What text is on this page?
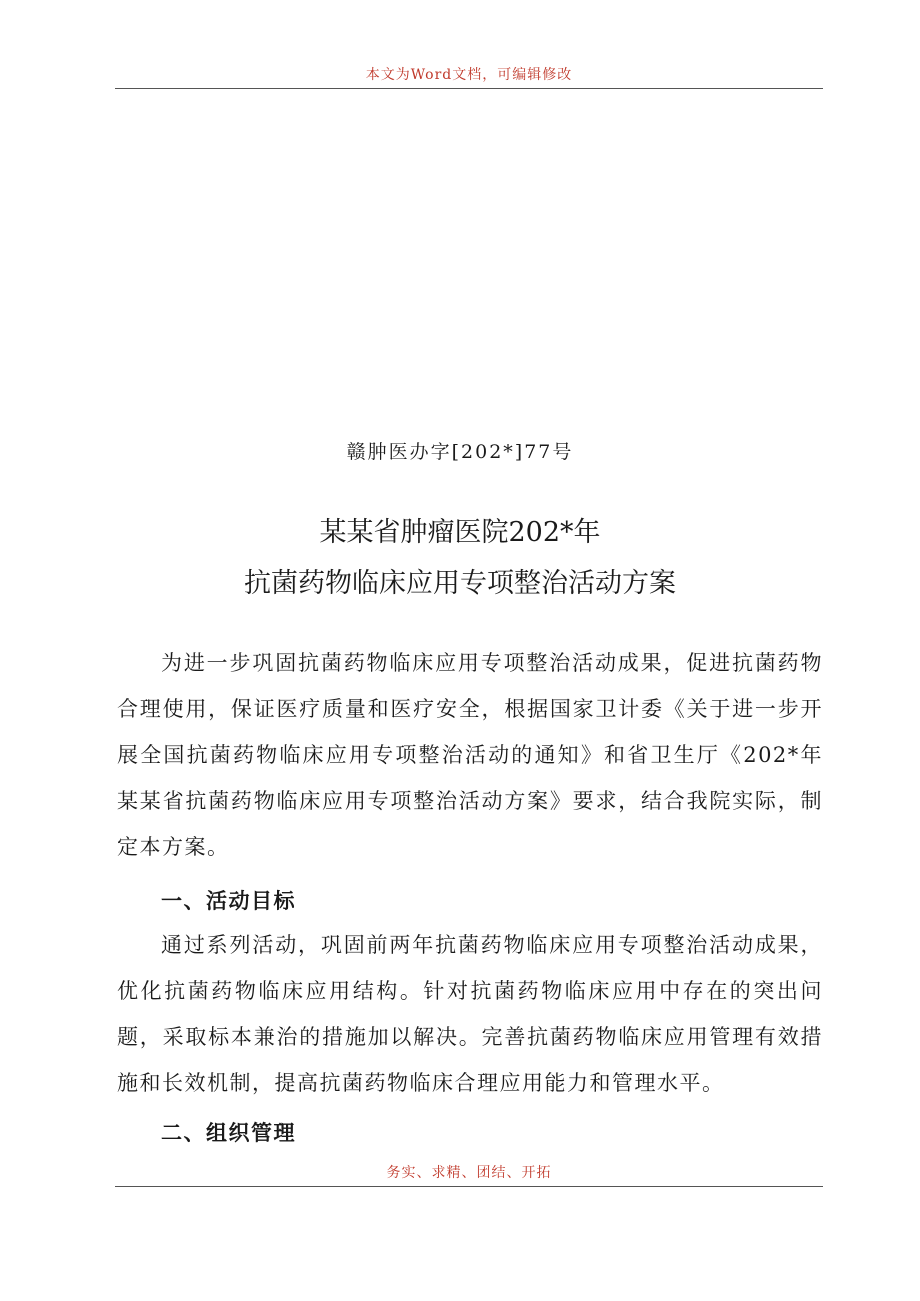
本文为Word文档，可编辑修改
赣肿医办字[202*]77号
某某省肿瘤医院202*年
抗菌药物临床应用专项整治活动方案

为进一步巩固抗菌药物临床应用专项整治活动成果，促进抗菌药物合理使用，保证医疗质量和医疗安全，根据国家卫计委《关于进一步开展全国抗菌药物临床应用专项整治活动的通知》和省卫生厅《202*年某某省抗菌药物临床应用专项整治活动方案》要求，结合我院实际，制定本方案。

一、活动目标

通过系列活动，巩固前两年抗菌药物临床应用专项整治活动成果，优化抗菌药物临床应用结构。针对抗菌药物临床应用中存在的突出问题，采取标本兼治的措施加以解决。完善抗菌药物临床应用管理有效措施和长效机制，提高抗菌药物临床合理应用能力和管理水平。

二、组织管理
务实、求精、团结、开拓
